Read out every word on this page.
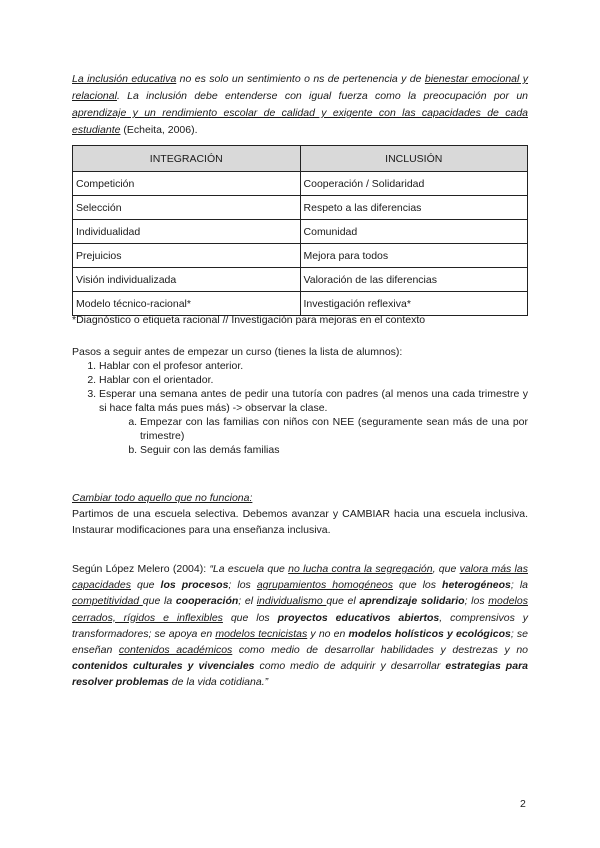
La inclusión educativa no es solo un sentimiento o ns de pertenencia y de bienestar emocional y relacional. La inclusión debe entenderse con igual fuerza como la preocupación por un aprendizaje y un rendimiento escolar de calidad y exigente con las capacidades de cada estudiante (Echeita, 2006).

INTEGRACIÓN	INCLUSIÓN
Competición	Cooperación / Solidaridad
Selección	Respeto a las diferencias
Individualidad	Comunidad
Prejuicios	Mejora para todos
Visión individualizada	Valoración de las diferencias
Modelo técnico-racional*	Investigación reflexiva*
*Diagnóstico o etiqueta racional // Investigación para mejoras en el contexto
Pasos a seguir antes de empezar un curso (tienes la lista de alumnos):
1. Hablar con el profesor anterior.
2. Hablar con el orientador.
3. Esperar una semana antes de pedir una tutoría con padres (al menos una cada trimestre y si hace falta más pues más) -> observar la clase.
a. Empezar con las familias con niños con NEE (seguramente sean más de una por trimestre)
b. Seguir con las demás familias
Cambiar todo aquello que no funciona:
Partimos de una escuela selectiva. Debemos avanzar y CAMBIAR hacia una escuela inclusiva. Instaurar modificaciones para una enseñanza inclusiva.

Según López Melero (2004): “La escuela que no lucha contra la segregación, que valora más las capacidades que los procesos; los agrupamientos homogéneos que los heterogéneos; la competitividad que la cooperación; el individualismo que el aprendizaje solidario; los modelos cerrados, rígidos e inflexibles que los proyectos educativos abiertos, comprensivos y transformadores; se apoya en modelos tecnicistas y no en modelos holísticos y ecológicos; se enseñan contenidos académicos como medio de desarrollar habilidades y destrezas y no contenidos culturales y vivenciales como medio de adquirir y desarrollar estrategias para resolver problemas de la vida cotidiana.”

2
